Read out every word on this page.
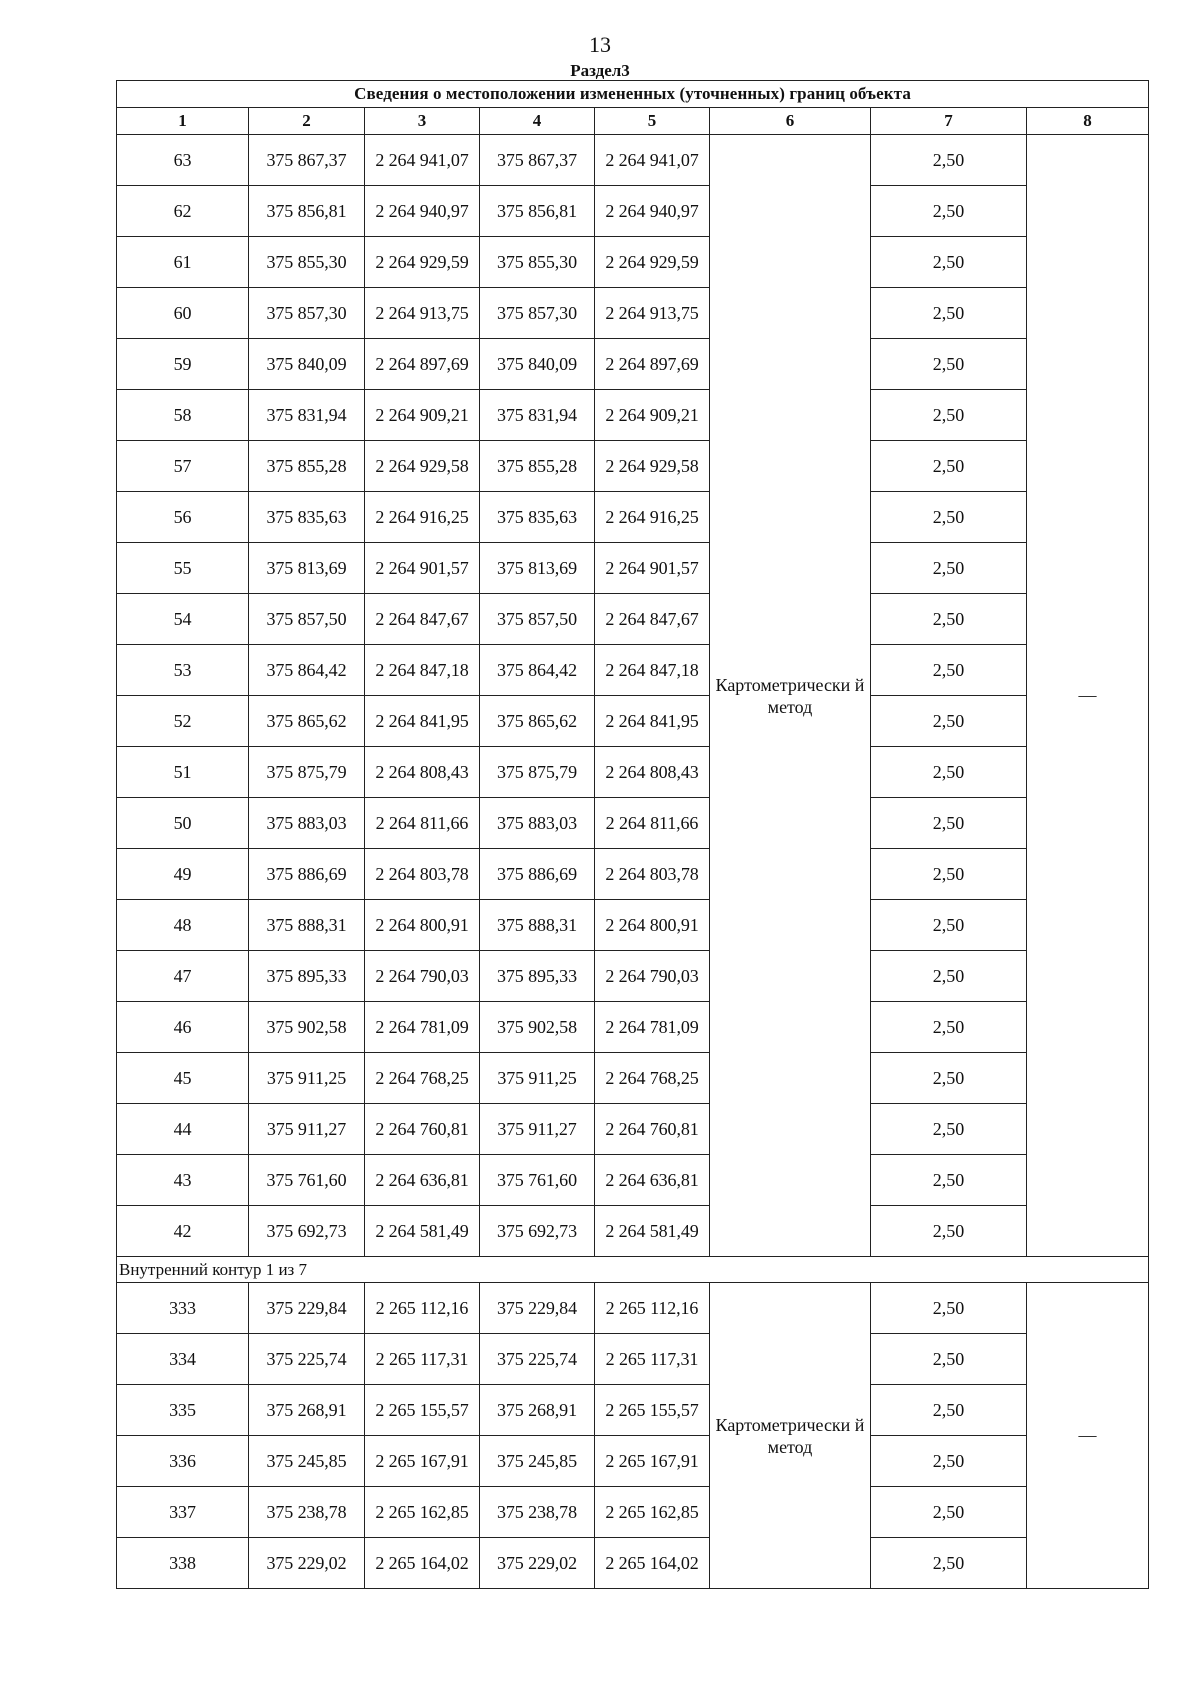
13
Раздел3
Сведения о местоположении измененных (уточненных) границ объекта							
1	2	3	4	5	6	7	8
63	375 867,37	2 264 941,07	375 867,37	2 264 941,07	Картометрически й метод	2,50	—
62	375 856,81	2 264 940,97	375 856,81	2 264 940,97		2,50	
61	375 855,30	2 264 929,59	375 855,30	2 264 929,59		2,50	
60	375 857,30	2 264 913,75	375 857,30	2 264 913,75		2,50	
59	375 840,09	2 264 897,69	375 840,09	2 264 897,69		2,50	
58	375 831,94	2 264 909,21	375 831,94	2 264 909,21		2,50	
57	375 855,28	2 264 929,58	375 855,28	2 264 929,58		2,50	
56	375 835,63	2 264 916,25	375 835,63	2 264 916,25		2,50	
55	375 813,69	2 264 901,57	375 813,69	2 264 901,57		2,50	
54	375 857,50	2 264 847,67	375 857,50	2 264 847,67		2,50	
53	375 864,42	2 264 847,18	375 864,42	2 264 847,18		2,50	
52	375 865,62	2 264 841,95	375 865,62	2 264 841,95		2,50	
51	375 875,79	2 264 808,43	375 875,79	2 264 808,43		2,50	
50	375 883,03	2 264 811,66	375 883,03	2 264 811,66		2,50	
49	375 886,69	2 264 803,78	375 886,69	2 264 803,78		2,50	
48	375 888,31	2 264 800,91	375 888,31	2 264 800,91		2,50	
47	375 895,33	2 264 790,03	375 895,33	2 264 790,03		2,50	
46	375 902,58	2 264 781,09	375 902,58	2 264 781,09		2,50	
45	375 911,25	2 264 768,25	375 911,25	2 264 768,25		2,50	
44	375 911,27	2 264 760,81	375 911,27	2 264 760,81		2,50	
43	375 761,60	2 264 636,81	375 761,60	2 264 636,81		2,50	
42	375 692,73	2 264 581,49	375 692,73	2 264 581,49		2,50	
Внутренний контур 1 из 7							
333	375 229,84	2 265 112,16	375 229,84	2 265 112,16	Картометрически й метод	2,50	—
334	375 225,74	2 265 117,31	375 225,74	2 265 117,31		2,50	
335	375 268,91	2 265 155,57	375 268,91	2 265 155,57		2,50	
336	375 245,85	2 265 167,91	375 245,85	2 265 167,91		2,50	
337	375 238,78	2 265 162,85	375 238,78	2 265 162,85		2,50	
338	375 229,02	2 265 164,02	375 229,02	2 265 164,02		2,50	
